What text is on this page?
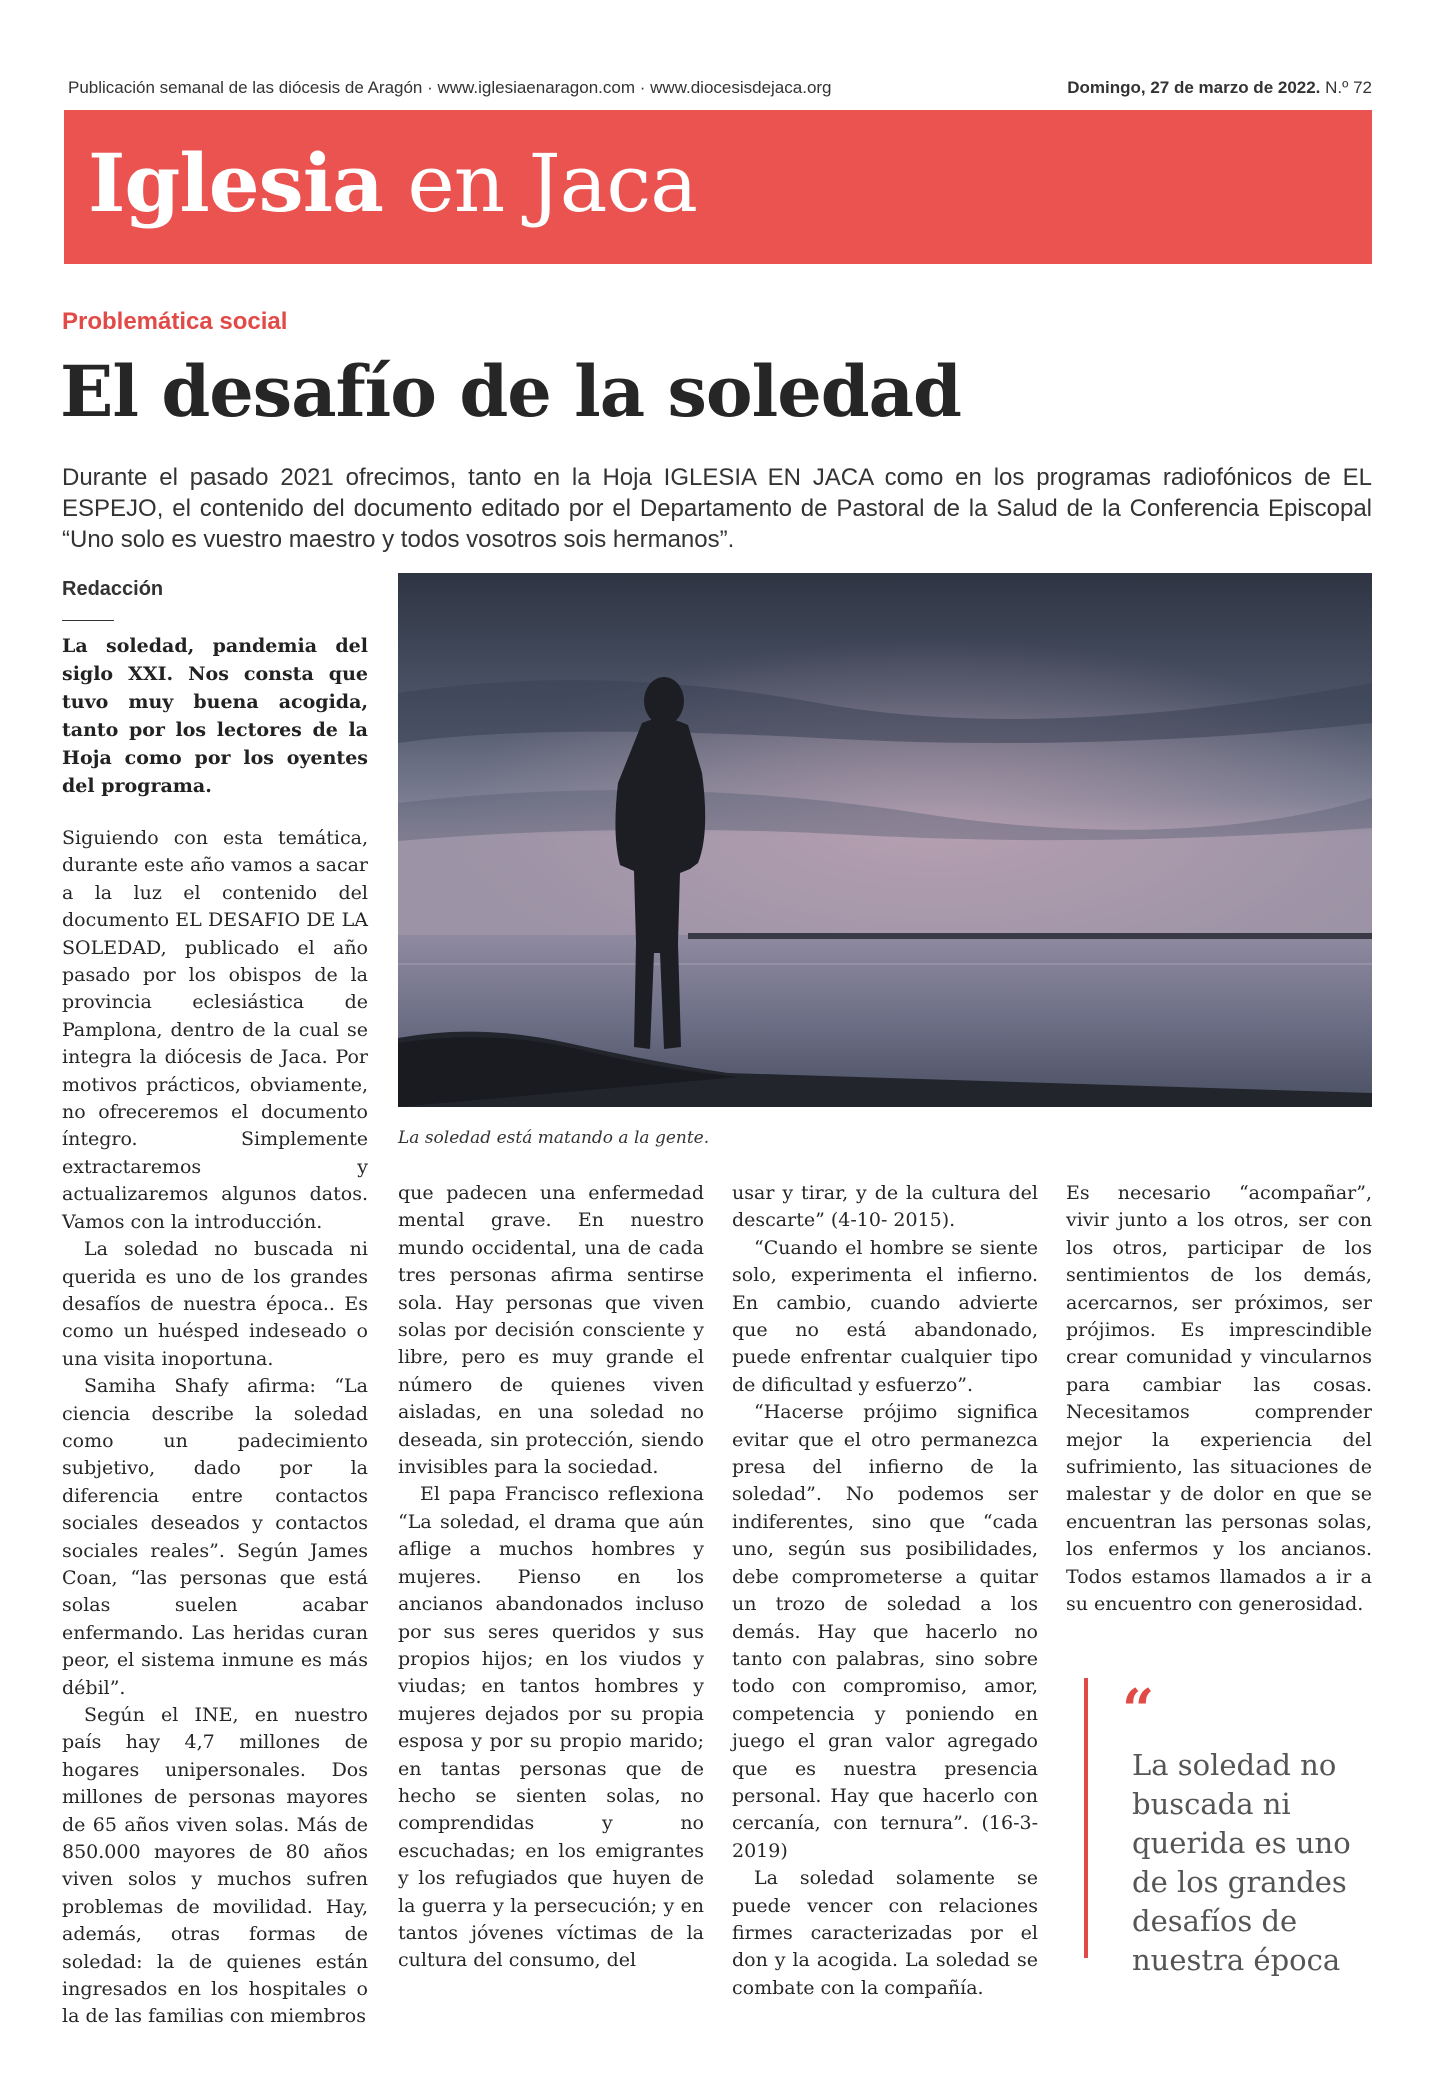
Publicación semanal de las diócesis de Aragón · www.iglesiaenaragon.com · www.diocesisdejaca.org	Domingo, 27 de marzo de 2022. N.º 72
Iglesia en Jaca
Problemática social
El desafío de la soledad

Durante el pasado 2021 ofrecimos, tanto en la Hoja IGLESIA EN JACA como en los programas radiofónicos de EL ESPEJO, el contenido del documento editado por el Departamento de Pastoral de la Salud de la Conferencia Episcopal “Uno solo es vuestro maestro y todos vosotros sois hermanos”.

Redacción

La soledad, pandemia del siglo XXI. Nos consta que tuvo muy buena acogida, tanto por los lectores de la Hoja como por los oyentes del programa.

La soledad está matando a la gente.

Siguiendo con esta temática, durante este año vamos a sacar a la luz el contenido del documento EL DESAFIO DE LA SOLEDAD, publicado el año pasado por los obispos de la provincia eclesiástica de Pamplona, dentro de la cual se integra la diócesis de Jaca. Por motivos prácticos, obviamente, no ofreceremos el documento íntegro. Simplemente extractaremos y actualizaremos algunos datos. Vamos con la introducción.

La soledad no buscada ni querida es uno de los grandes desafíos de nuestra época.. Es como un huésped indeseado o una visita inoportuna.

Samiha Shafy afirma: “La ciencia describe la soledad como un padecimiento subjetivo, dado por la diferencia entre contactos sociales deseados y contactos sociales reales”. Según James Coan, “las personas que está solas suelen acabar enfermando. Las heridas curan peor, el sistema inmune es más débil”.

Según el INE, en nuestro país hay 4,7 millones de hogares unipersonales. Dos millones de personas mayores de 65 años viven solas. Más de 850.000 mayores de 80 años viven solos y muchos sufren problemas de movilidad. Hay, además, otras formas de soledad: la de quienes están ingresados en los hospitales o la de las familias con miembros

que padecen una enfermedad mental grave. En nuestro mundo occidental, una de cada tres personas afirma sentirse sola. Hay personas que viven solas por decisión consciente y libre, pero es muy grande el número de quienes viven aisladas, en una soledad no deseada, sin protección, siendo invisibles para la sociedad.

El papa Francisco reflexiona “La soledad, el drama que aún aflige a muchos hombres y mujeres. Pienso en los ancianos abandonados incluso por sus seres queridos y sus propios hijos; en los viudos y viudas; en tantos hombres y mujeres dejados por su propia esposa y por su propio marido; en tantas personas que de hecho se sienten solas, no comprendidas y no escuchadas; en los emigrantes y los refugiados que huyen de la guerra y la persecución; y en tantos jóvenes víctimas de la cultura del consumo, del

usar y tirar, y de la cultura del descarte” (4-10- 2015).

“Cuando el hombre se siente solo, experimenta el infierno. En cambio, cuando advierte que no está abandonado, puede enfrentar cualquier tipo de dificultad y esfuerzo”.

“Hacerse prójimo significa evitar que el otro permanezca presa del infierno de la soledad”. No podemos ser indiferentes, sino que “cada uno, según sus posibilidades, debe comprometerse a quitar un trozo de soledad a los demás. Hay que hacerlo no tanto con palabras, sino sobre todo con compromiso, amor, competencia y poniendo en juego el gran valor agregado que es nuestra presencia personal. Hay que hacerlo con cercanía, con ternura”. (16-3-2019)

La soledad solamente se puede vencer con relaciones firmes caracterizadas por el don y la acogida. La soledad se combate con la compañía.

Es necesario “acompañar”, vivir junto a los otros, ser con los otros, participar de los sentimientos de los demás, acercarnos, ser próximos, ser prójimos. Es imprescindible crear comunidad y vincularnos para cambiar las cosas. Necesitamos comprender mejor la experiencia del sufrimiento, las situaciones de malestar y de dolor en que se encuentran las personas solas, los enfermos y los ancianos. Todos estamos llamados a ir a su encuentro con generosidad.

“
La soledad no buscada ni querida es uno de los grandes desafíos de nuestra época
